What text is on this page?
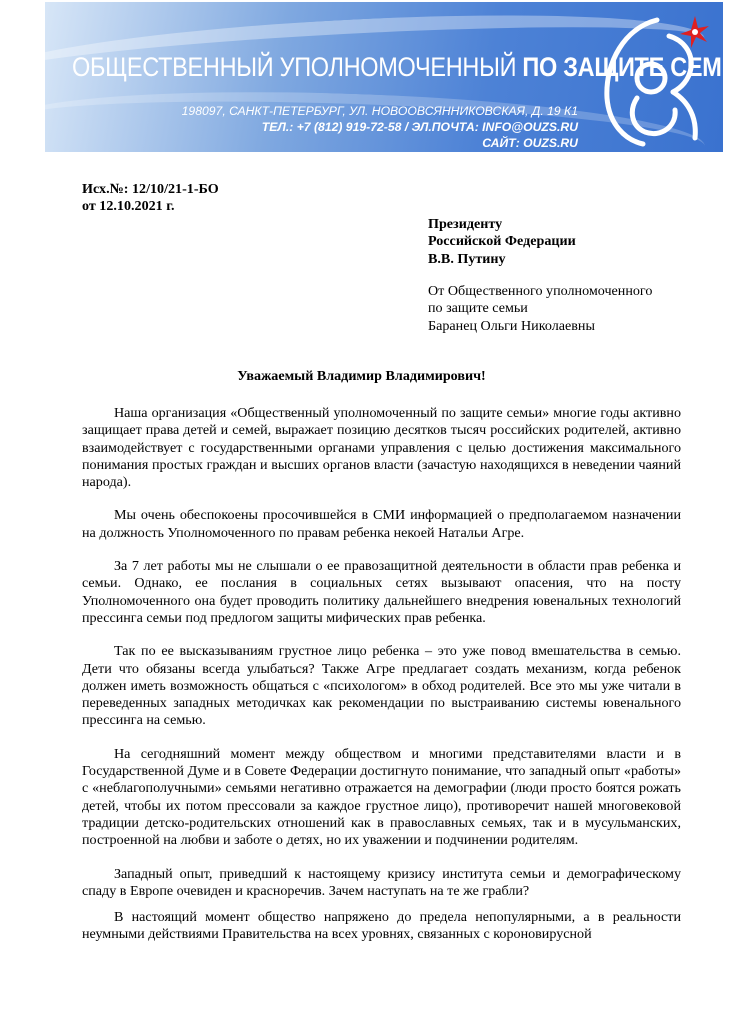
ОБЩЕСТВЕННЫЙ УПОЛНОМОЧЕННЫЙ ПО ЗАЩИТЕ СЕМЬИ
198097, САНКТ-ПЕТЕРБУРГ, УЛ. НОВООВСЯННИКОВСКАЯ, Д. 19 К1
ТЕЛ.: +7 (812) 919-72-58 / ЭЛ.ПОЧТА: INFO@OUZS.RU
САЙТ: OUZS.RU
Исх.№: 12/10/21-1-БО
от 12.10.2021 г.
Президенту
Российской Федерации
В.В. Путину
От Общественного уполномоченного
по защите семьи
Баранец Ольги Николаевны
Уважаемый Владимир Владимирович!

Наша организация «Общественный уполномоченный по защите семьи» многие годы активно защищает права детей и семей, выражает позицию десятков тысяч российских родителей, активно взаимодействует с государственными органами управления с целью достижения максимального понимания простых граждан и высших органов власти (зачастую находящихся в неведении чаяний народа).

Мы очень обеспокоены просочившейся в СМИ информацией о предполагаемом назначении на должность Уполномоченного по правам ребенка некоей Натальи Агре.

За 7 лет работы мы не слышали о ее правозащитной деятельности в области прав ребенка и семьи. Однако, ее послания в социальных сетях вызывают опасения, что на посту Уполномоченного она будет проводить политику дальнейшего внедрения ювенальных технологий прессинга семьи под предлогом защиты мифических прав ребенка.

Так по ее высказываниям грустное лицо ребенка – это уже повод вмешательства в семью. Дети что обязаны всегда улыбаться? Также Агре предлагает создать механизм, когда ребенок должен иметь возможность общаться с «психологом» в обход родителей. Все это мы уже читали в переведенных западных методичках как рекомендации по выстраиванию системы ювенального прессинга на семью.

На сегодняшний момент между обществом и многими представителями власти и в Государственной Думе и в Совете Федерации достигнуто понимание, что западный опыт «работы» с «неблагополучными» семьями негативно отражается на демографии (люди просто боятся рожать детей, чтобы их потом прессовали за каждое грустное лицо), противоречит нашей многовековой традиции детско-родительских отношений как в православных семьях, так и в мусульманских, построенной на любви и заботе о детях, но их уважении и подчинении родителям.

Западный опыт, приведший к настоящему кризису института семьи и демографическому спаду в Европе очевиден и красноречив. Зачем наступать на те же грабли?

В настоящий момент общество напряжено до предела непопулярными, а в реальности неумными действиями Правительства на всех уровнях, связанных с короновирусной
